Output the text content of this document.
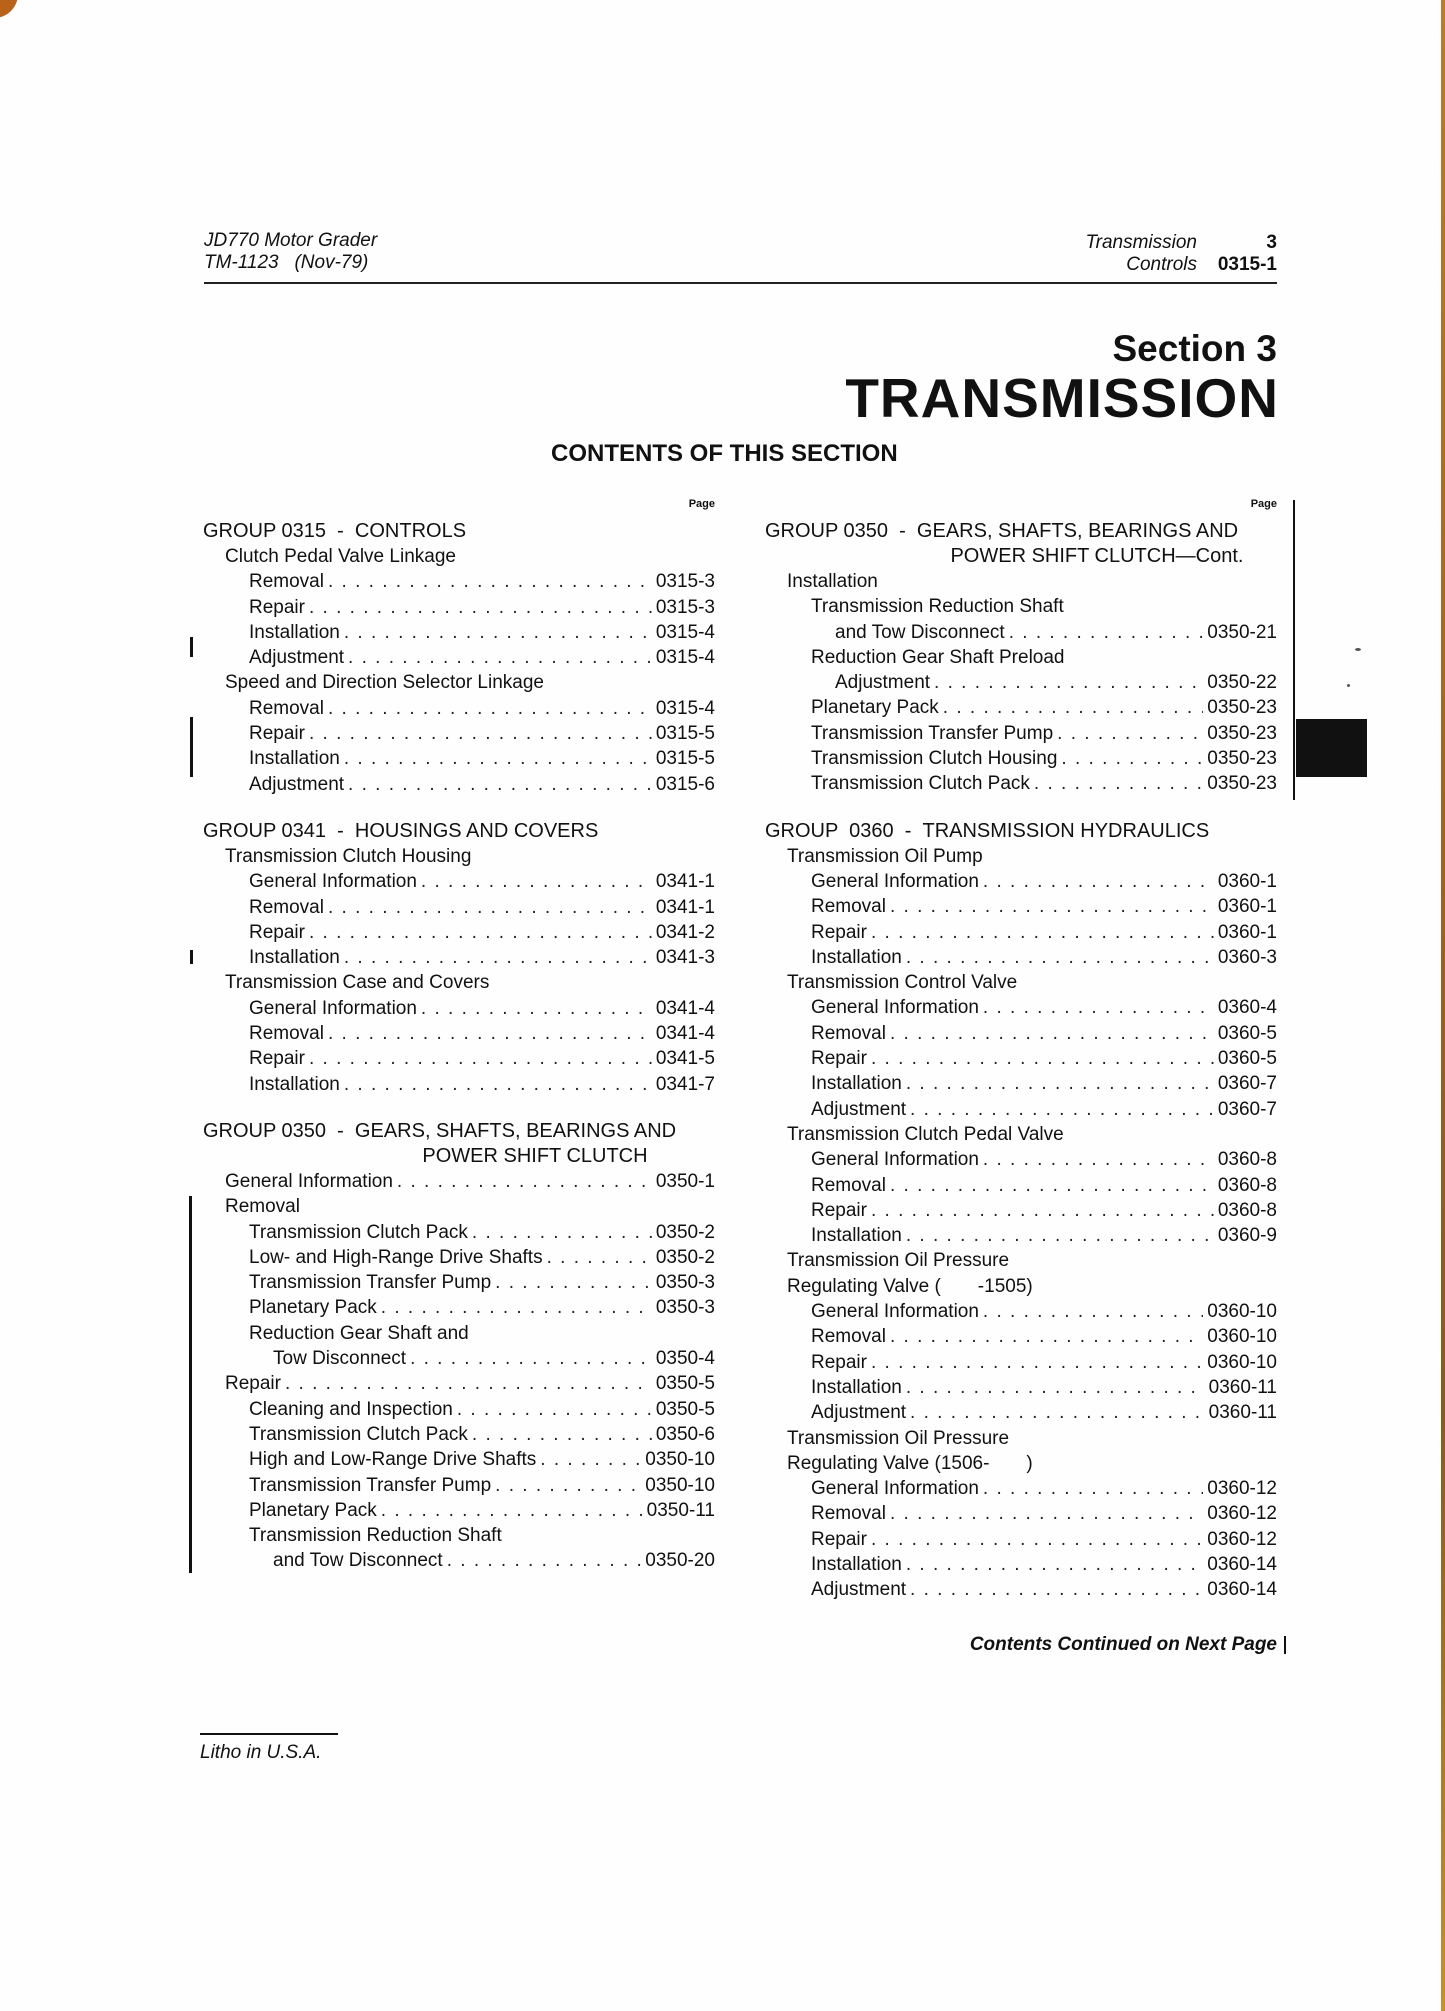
JD770 Motor Grader
TM-1123   (Nov-79)
Transmission	3
Controls	0315-1
Section 3
TRANSMISSION
CONTENTS OF THIS SECTION
Page
GROUP 0315  - CONTROLS
Clutch Pedal Valve Linkage
Removal . . .	0315-3
Repair . . .	0315-3
Installation . . .	0315-4
Adjustment . . .	0315-4
Speed and Direction Selector Linkage
Removal . . .	0315-4
Repair . . .	0315-5
Installation . . .	0315-5
Adjustment . . .	0315-6
GROUP 0341  - HOUSINGS AND COVERS
Transmission Clutch Housing
General Information . . .	0341-1
Removal . . .	0341-1
Repair . . .	0341-2
Installation . . .	0341-3
Transmission Case and Covers
General Information . . .	0341-4
Removal . . .	0341-4
Repair . . .	0341-5
Installation . . .	0341-7
GROUP 0350  - GEARS, SHAFTS, BEARINGS AND
POWER SHIFT CLUTCH
General Information . . .	0350-1
Removal
Transmission Clutch Pack . . .	0350-2
Low- and High-Range Drive Shafts . . .	0350-2
Transmission Transfer Pump . . .	0350-3
Planetary Pack . . .	0350-3
Reduction Gear Shaft and
Tow Disconnect . . .	0350-4
Repair . . .	0350-5
Cleaning and Inspection . . .	0350-5
Transmission Clutch Pack . . .	0350-6
High and Low-Range Drive Shafts . . .	0350-10
Transmission Transfer Pump . . .	0350-10
Planetary Pack . . .	0350-11
Transmission Reduction Shaft
and Tow Disconnect . . .	0350-20
Page
GROUP 0350  - GEARS, SHAFTS, BEARINGS AND
POWER SHIFT CLUTCH—Cont.
Installation
Transmission Reduction Shaft
and Tow Disconnect . . .	0350-21
Reduction Gear Shaft Preload
Adjustment . . .	0350-22
Planetary Pack . . .	0350-23
Transmission Transfer Pump . . .	0350-23
Transmission Clutch Housing . . .	0350-23
Transmission Clutch Pack . . .	0350-23
GROUP  0360  - TRANSMISSION HYDRAULICS
Transmission Oil Pump
General Information . . .	0360-1
Removal . . .	0360-1
Repair . . .	0360-1
Installation . . .	0360-3
Transmission Control Valve
General Information . . .	0360-4
Removal . . .	0360-5
Repair . . .	0360-5
Installation . . .	0360-7
Adjustment . . .	0360-7
Transmission Clutch Pedal Valve
General Information . . .	0360-8
Removal . . .	0360-8
Repair . . .	0360-8
Installation . . .	0360-9
Transmission Oil Pressure
Regulating Valve (       -1505)
General Information . . .	0360-10
Removal . . .	0360-10
Repair . . .	0360-10
Installation . . .	0360-11
Adjustment . . .	0360-11
Transmission Oil Pressure
Regulating Valve (1506-       )
General Information . . .	0360-12
Removal . . .	0360-12
Repair . . .	0360-12
Installation . . .	0360-14
Adjustment . . .	0360-14
Contents Continued on Next Page
Litho in U.S.A.
